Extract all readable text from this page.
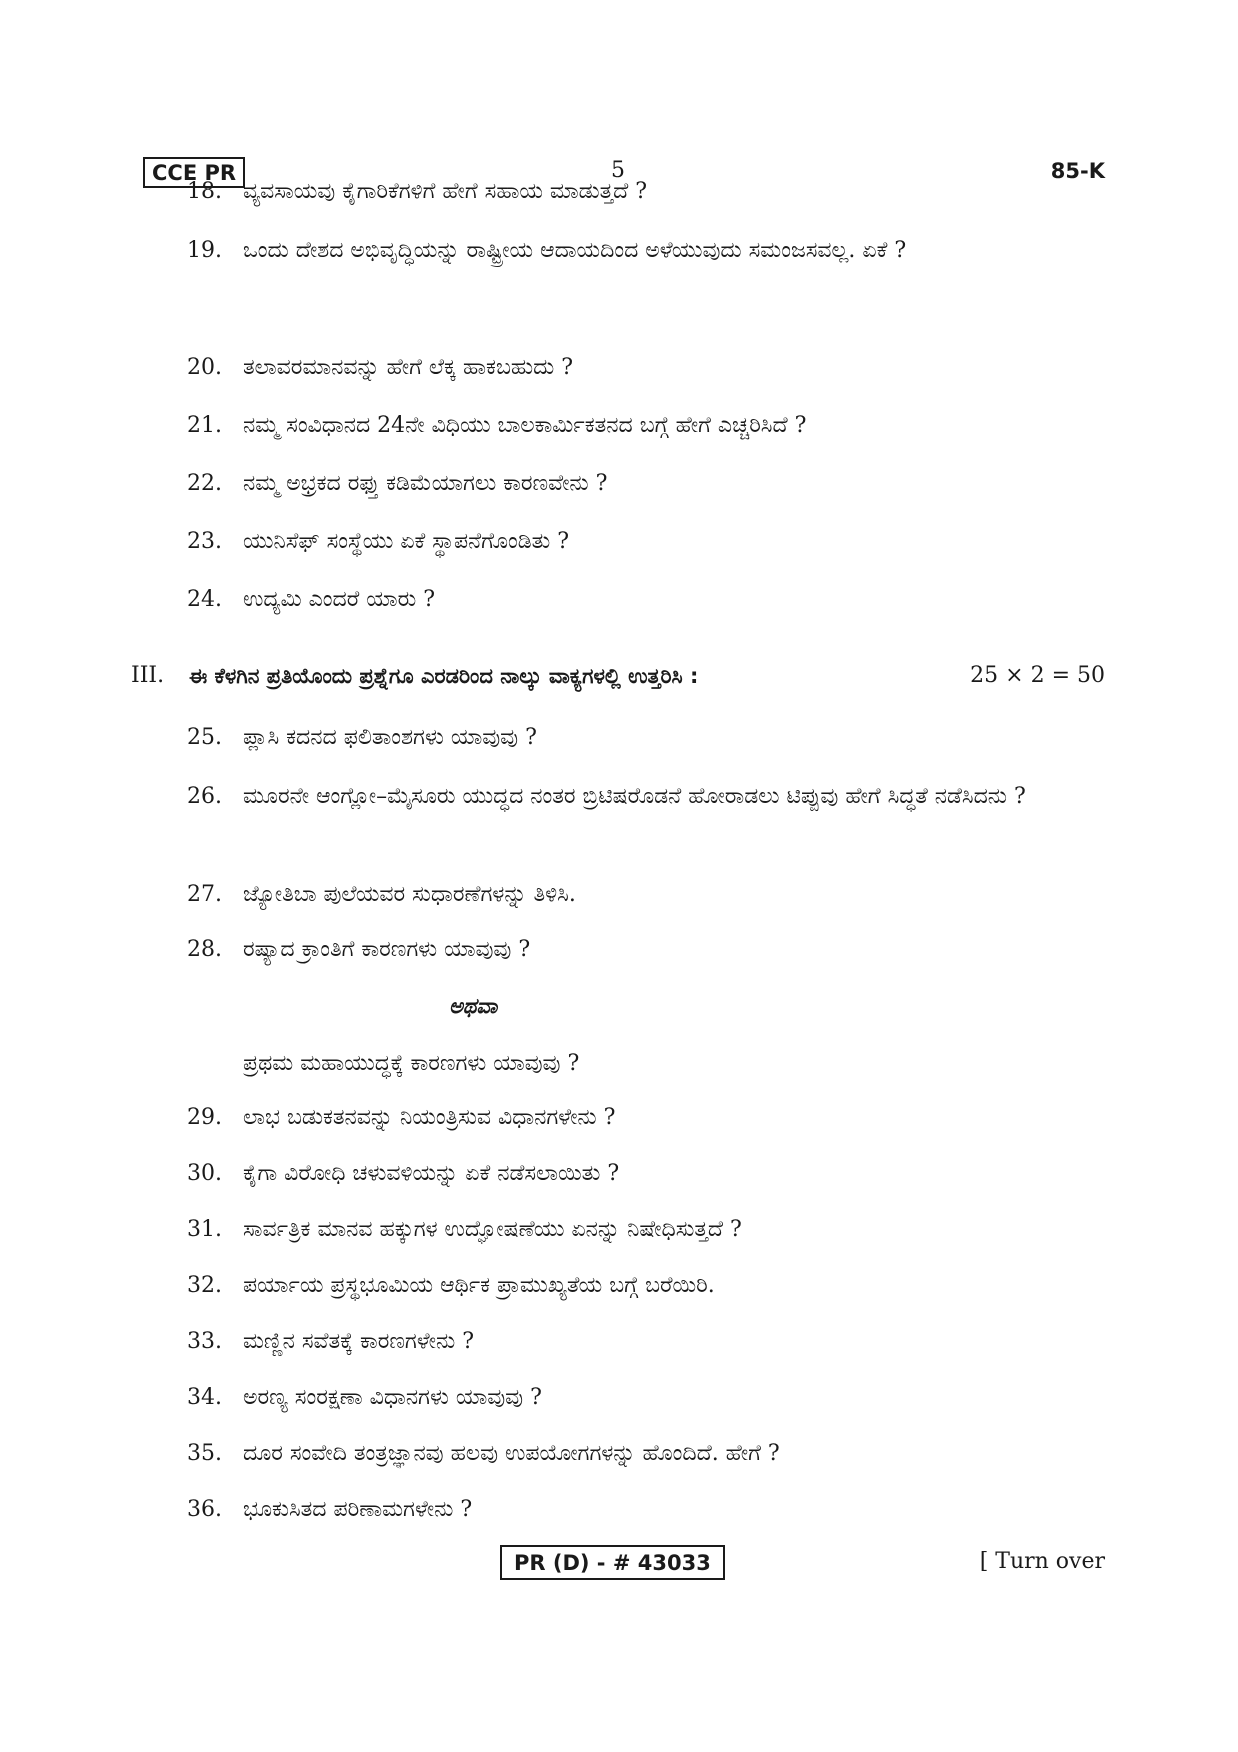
CCE PR	5	85-K
18. ವ್ಯವಸಾಯವು ಕೈಗಾರಿಕೆಗಳಿಗೆ ಹೇಗೆ ಸಹಾಯ ಮಾಡುತ್ತದೆ ?
19. ಒಂದು ದೇಶದ ಅಭಿವೃದ್ಧಿಯನ್ನು ರಾಷ್ಟ್ರೀಯ ಆದಾಯದಿಂದ ಅಳೆಯುವುದು ಸಮಂಜಸವಲ್ಲ. ಏಕೆ ?
20. ತಲಾವರಮಾನವನ್ನು ಹೇಗೆ ಲೆಕ್ಕ ಹಾಕಬಹುದು ?
21. ನಮ್ಮ ಸಂವಿಧಾನದ 24ನೇ ವಿಧಿಯು ಬಾಲಕಾರ್ಮಿಕತನದ ಬಗ್ಗೆ ಹೇಗೆ ಎಚ್ಚರಿಸಿದೆ ?
22. ನಮ್ಮ ಅಭ್ರಕದ ರಫ್ತು ಕಡಿಮೆಯಾಗಲು ಕಾರಣವೇನು ?
23. ಯುನಿಸೆಫ್ ಸಂಸ್ಥೆಯು ಏಕೆ ಸ್ಥಾಪನೆಗೊಂಡಿತು ?
24. ಉದ್ಯಮಿ ಎಂದರೆ ಯಾರು ?
III. ಈ ಕೆಳಗಿನ ಪ್ರತಿಯೊಂದು ಪ್ರಶ್ನೆಗೂ ಎರಡರಿಂದ ನಾಲ್ಕು ವಾಕ್ಯಗಳಲ್ಲಿ ಉತ್ತರಿಸಿ :	25 × 2 = 50
25. ಪ್ಲಾಸಿ ಕದನದ ಫಲಿತಾಂಶಗಳು ಯಾವುವು ?
26. ಮೂರನೇ ಆಂಗ್ಲೋ–ಮೈಸೂರು ಯುದ್ಧದ ನಂತರ ಬ್ರಿಟಿಷರೊಡನೆ ಹೋರಾಡಲು ಟಿಪ್ಪುವು ಹೇಗೆ ಸಿದ್ಧತೆ ನಡೆಸಿದನು ?
27. ಜ್ಯೋತಿಬಾ ಪುಲೆಯವರ ಸುಧಾರಣೆಗಳನ್ನು ತಿಳಿಸಿ.
28. ರಷ್ಯಾದ ಕ್ರಾಂತಿಗೆ ಕಾರಣಗಳು ಯಾವುವು ?
ಅಥವಾ
ಪ್ರಥಮ ಮಹಾಯುದ್ಧಕ್ಕೆ ಕಾರಣಗಳು ಯಾವುವು ?
29. ಲಾಭ ಬಡುಕತನವನ್ನು ನಿಯಂತ್ರಿಸುವ ವಿಧಾನಗಳೇನು ?
30. ಕೈಗಾ ವಿರೋಧಿ ಚಳುವಳಿಯನ್ನು ಏಕೆ ನಡೆಸಲಾಯಿತು ?
31. ಸಾರ್ವತ್ರಿಕ ಮಾನವ ಹಕ್ಕುಗಳ ಉದ್ಘೋಷಣೆಯು ಏನನ್ನು ನಿಷೇಧಿಸುತ್ತದೆ ?
32. ಪರ್ಯಾಯ ಪ್ರಸ್ಥಭೂಮಿಯ ಆರ್ಥಿಕ ಪ್ರಾಮುಖ್ಯತೆಯ ಬಗ್ಗೆ ಬರೆಯಿರಿ.
33. ಮಣ್ಣಿನ ಸವೆತಕ್ಕೆ ಕಾರಣಗಳೇನು ?
34. ಅರಣ್ಯ ಸಂರಕ್ಷಣಾ ವಿಧಾನಗಳು ಯಾವುವು ?
35. ದೂರ ಸಂವೇದಿ ತಂತ್ರಜ್ಞಾನವು ಹಲವು ಉಪಯೋಗಗಳನ್ನು ಹೊಂದಿದೆ. ಹೇಗೆ ?
36. ಭೂಕುಸಿತದ ಪರಿಣಾಮಗಳೇನು ?
PR (D) - # 43033	[ Turn over
